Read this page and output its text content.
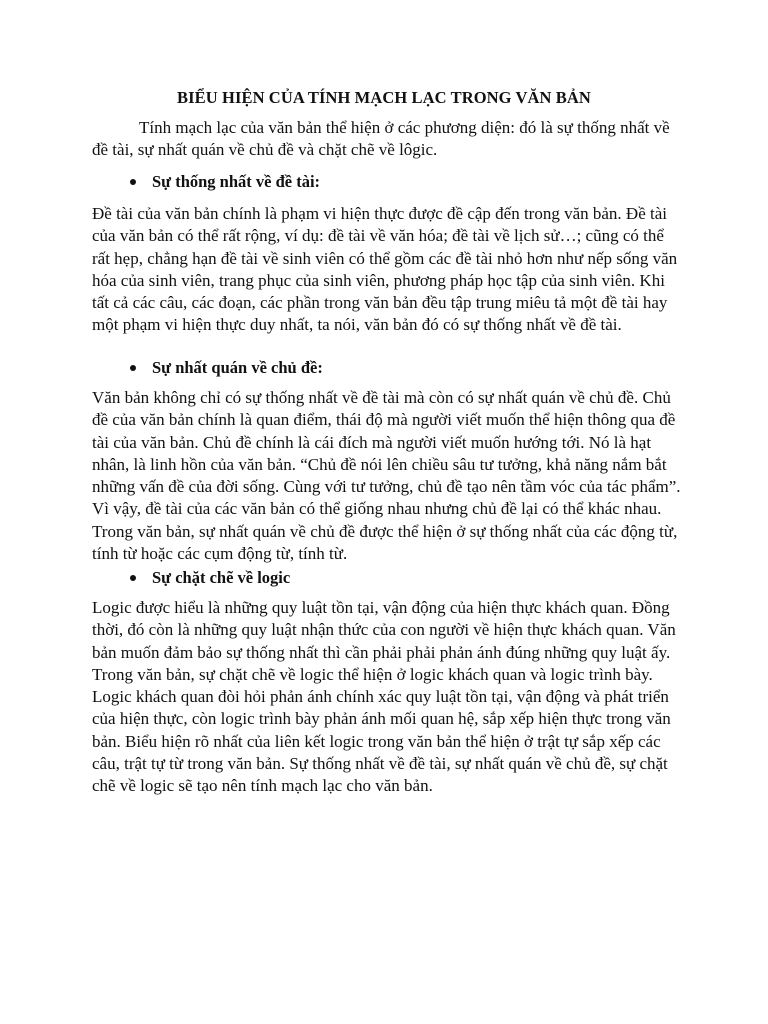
BIỂU HIỆN CỦA TÍNH MẠCH LẠC TRONG VĂN BẢN

Tính mạch lạc của văn bản thể hiện ở các phương diện: đó là sự thống nhất về đề tài, sự nhất quán về chủ đề và chặt chẽ về lôgic.

Sự thống nhất về đề tài:

Đề tài của văn bản chính là phạm vi hiện thực được đề cập đến trong văn bản. Đề tài của văn bản có thể rất rộng, ví dụ: đề tài về văn hóa; đề tài về lịch sử…; cũng có thể rất hẹp, chẳng hạn đề tài về sinh viên có thể gồm các đề tài nhỏ hơn như nếp sống văn hóa của sinh viên, trang phục của sinh viên, phương pháp học tập của sinh viên. Khi tất cả các câu, các đoạn, các phần trong văn bản đều tập trung miêu tả một đề tài hay một phạm vi hiện thực duy nhất, ta nói, văn bản đó có sự thống nhất về đề tài.

Sự nhất quán về chủ đề:

Văn bản không chỉ có sự thống nhất về đề tài mà còn có sự nhất quán về chủ đề. Chủ đề của văn bản chính là quan điểm, thái độ mà người viết muốn thể hiện thông qua đề tài của văn bản. Chủ đề chính là cái đích mà người viết muốn hướng tới. Nó là hạt nhân, là linh hồn của văn bản. “Chủ đề nói lên chiều sâu tư tưởng, khả năng nắm bắt những vấn đề của đời sống. Cùng với tư tưởng, chủ đề tạo nên tầm vóc của tác phẩm”. Vì vậy, đề tài của các văn bản có thể giống nhau nhưng chủ đề lại có thể khác nhau. Trong văn bản, sự nhất quán về chủ đề được thể hiện ở sự thống nhất của các động từ, tính từ hoặc các cụm động từ, tính từ.

Sự chặt chẽ về logic

Logic được hiểu là những quy luật tồn tại, vận động của hiện thực khách quan. Đồng thời, đó còn là những quy luật nhận thức của con người về hiện thực khách quan. Văn bản muốn đảm bảo sự thống nhất thì cần phải phải phản ánh đúng những quy luật ấy. Trong văn bản, sự chặt chẽ về logic thể hiện ở logic khách quan và logic trình bày. Logic khách quan đòi hỏi phản ánh chính xác quy luật tồn tại, vận động và phát triển của hiện thực, còn logic trình bày phản ánh mối quan hệ, sắp xếp hiện thực trong văn bản. Biểu hiện rõ nhất của liên kết logic trong văn bản thể hiện ở trật tự sắp xếp các câu, trật tự từ trong văn bản. Sự thống nhất về đề tài, sự nhất quán về chủ đề, sự chặt chẽ về logic sẽ tạo nên tính mạch lạc cho văn bản.
